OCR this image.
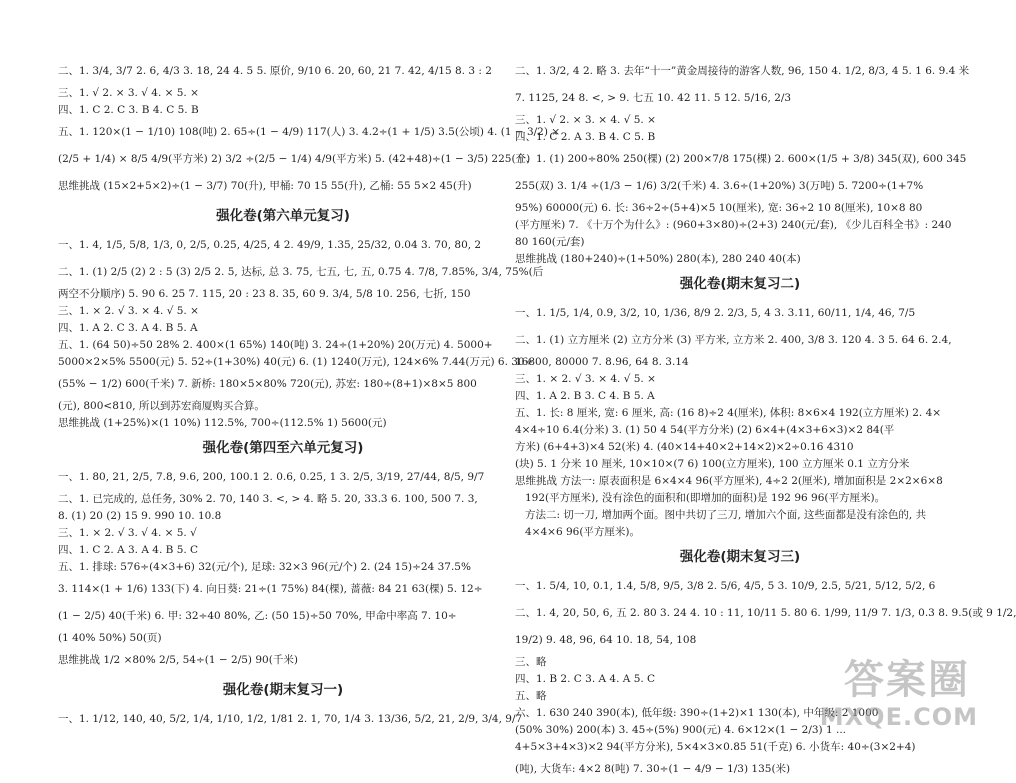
二、1. 3/4, 3/7 2. 6, 4/3 3. 18, 24 4. 5 5. 原价, 9/10 6. 20, 60, 21 7. 42, 4/15 8. 3 : 2
三、1. √ 2. × 3. √ 4. × 5. ×
四、1. C 2. C 3. B 4. C 5. B
五、1. 120×(1 − 1/10) 108(吨) 2. 65÷(1 − 4/9) 117(人) 3. 4.2÷(1 + 1/5) 3.5(公顷) 4. (1 − 3/2) ×
(2/5 + 1/4) × 8/5 4/9(平方米) 2) 3/2 ÷(2/5 − 1/4) 4/9(平方米) 5. (42+48)÷(1 − 3/5) 225(个)
思维挑战 (15×2+5×2)÷(1 − 3/7) 70(升), 甲桶: 70 15 55(升), 乙桶: 55 5×2 45(升)
强化卷(第六单元复习)
一、1. 4, 1/5, 5/8, 1/3, 0, 2/5, 0.25, 4/25, 4 2. 49/9, 1.35, 25/32, 0.04 3. 70, 80, 2
二、1. (1) 2/5 (2) 2 : 5 (3) 2/5 2. 5, 达标, 总 3. 75, 七五, 七, 五, 0.75 4. 7/8, 7.85%, 3/4, 75%(后
两空不分顺序) 5. 90 6. 25 7. 115, 20 : 23 8. 35, 60 9. 3/4, 5/8 10. 256, 七折, 150
三、1. × 2. √ 3. × 4. √ 5. ×
四、1. A 2. C 3. A 4. B 5. A
五、1. (64 50)÷50 28% 2. 400×(1 65%) 140(吨) 3. 24÷(1+20%) 20(万元) 4. 5000+
5000×2×5% 5500(元) 5. 52÷(1+30%) 40(元) 6. (1) 1240(万元), 124×6% 7.44(万元) 6. 30÷
(55% − 1/2) 600(千米) 7. 新桥: 180×5×80% 720(元), 苏宏: 180÷(8+1)×8×5 800
(元), 800<810, 所以到苏宏商厦购买合算。
思维挑战 (1+25%)×(1 10%) 112.5%, 700÷(112.5% 1) 5600(元)
强化卷(第四至六单元复习)
一、1. 80, 21, 2/5, 7.8, 9.6, 200, 100.1 2. 0.6, 0.25, 1 3. 2/5, 3/19, 27/44, 8/5, 9/7
二、1. 已完成的, 总任务, 30% 2. 70, 140 3. <, > 4. 略 5. 20, 33.3 6. 100, 500 7. 3,
8. (1) 20 (2) 15 9. 990 10. 10.8
三、1. × 2. √ 3. √ 4. × 5. √
四、1. C 2. A 3. A 4. B 5. C
五、1. 排球: 576÷(4×3+6) 32(元/个), 足球: 32×3 96(元/个) 2. (24 15)÷24 37.5%
3. 114×(1 + 1/6) 133(下) 4. 向日葵: 21÷(1 75%) 84(棵), 蔷薇: 84 21 63(棵) 5. 12÷
(1 − 2/5) 40(千米) 6. 甲: 32÷40 80%, 乙: (50 15)÷50 70%, 甲命中率高 7. 10÷
(1 40% 50%) 50(页)
思维挑战 1/2 ×80% 2/5, 54÷(1 − 2/5) 90(千米)
强化卷(期末复习一)
一、1. 1/12, 140, 40, 5/2, 1/4, 1/10, 1/2, 1/81 2. 1, 70, 1/4 3. 13/36, 5/2, 21, 2/9, 3/4, 9/7
二、1. 3/2, 4 2. 略 3. 去年“十一”黄金周接待的游客人数, 96, 150 4. 1/2, 8/3, 4 5. 1 6. 9.4 米
7. 1125, 24 8. <, > 9. 七五 10. 42 11. 5 12. 5/16, 2/3
三、1. √ 2. × 3. × 4. √ 5. ×
四、1. C 2. A 3. B 4. C 5. B
五、1. (1) 200÷80% 250(棵) (2) 200×7/8 175(棵) 2. 600×(1/5 + 3/8) 345(双), 600 345
255(双) 3. 1/4 ÷(1/3 − 1/6) 3/2(千米) 4. 3.6÷(1+20%) 3(万吨) 5. 7200÷(1+7%
95%) 60000(元) 6. 长: 36÷2÷(5+4)×5 10(厘米), 宽: 36÷2 10 8(厘米), 10×8 80
(平方厘米) 7. 《十万个为什么》: (960+3×80)÷(2+3) 240(元/套), 《少儿百科全书》: 240
80 160(元/套)
思维挑战 (180+240)÷(1+50%) 280(本), 280 240 40(本)
强化卷(期末复习二)
一、1. 1/5, 1/4, 0.9, 3/2, 10, 1/36, 8/9 2. 2/3, 5, 4 3. 3.11, 60/11, 1/4, 46, 7/5
二、1. (1) 立方厘米 (2) 立方分米 (3) 平方米, 立方米 2. 400, 3/8 3. 120 4. 3 5. 64 6. 2.4,
16800, 80000 7. 8.96, 64 8. 3.14
三、1. × 2. √ 3. × 4. √ 5. ×
四、1. A 2. B 3. C 4. B 5. A
五、1. 长: 8 厘米, 宽: 6 厘米, 高: (16 8)÷2 4(厘米), 体积: 8×6×4 192(立方厘米) 2. 4×
4×4÷10 6.4(分米) 3. (1) 50 4 54(平方分米) (2) 6×4+(4×3+6×3)×2 84(平
方米) (6+4+3)×4 52(米) 4. (40×14+40×2+14×2)×2÷0.16 4310
(块) 5. 1 分米 10 厘米, 10×10×(7 6) 100(立方厘米), 100 立方厘米 0.1 立方分米
思维挑战 方法一: 原表面积是 6×4×4 96(平方厘米), 4÷2 2(厘米), 增加面积是 2×2×6×8
192(平方厘米), 没有涂色的面积和(即增加的面积)是 192 96 96(平方厘米)。
方法二: 切一刀, 增加两个面。图中共切了三刀, 增加六个面, 这些面都是没有涂色的, 共
4×4×6 96(平方厘米)。
强化卷(期末复习三)
一、1. 5/4, 10, 0.1, 1.4, 5/8, 9/5, 3/8 2. 5/6, 4/5, 5 3. 10/9, 2.5, 5/21, 5/12, 5/2, 6
二、1. 4, 20, 50, 6, 五 2. 80 3. 24 4. 10 : 11, 10/11 5. 80 6. 1/99, 11/9 7. 1/3, 0.3 8. 9.5(或 9 1/2,
19/2) 9. 48, 96, 64 10. 18, 54, 108
三、略
四、1. B 2. C 3. A 4. A 5. C
五、略
六、1. 630 240 390(本), 低年级: 390÷(1+2)×1 130(本), 中年级: 2 1000
(50% 30%) 200(本) 3. 45÷(5%) 900(元) 4. 6×12×(1 − 2/3) 1 ...
4+5×3+4×3)×2 94(平方分米), 5×4×3×0.85 51(千克) 6. 小货车: 40÷(3×2+4)
(吨), 大货车: 4×2 8(吨) 7. 30÷(1 − 4/9 − 1/3) 135(米)
答案圈
MXQE.COM
